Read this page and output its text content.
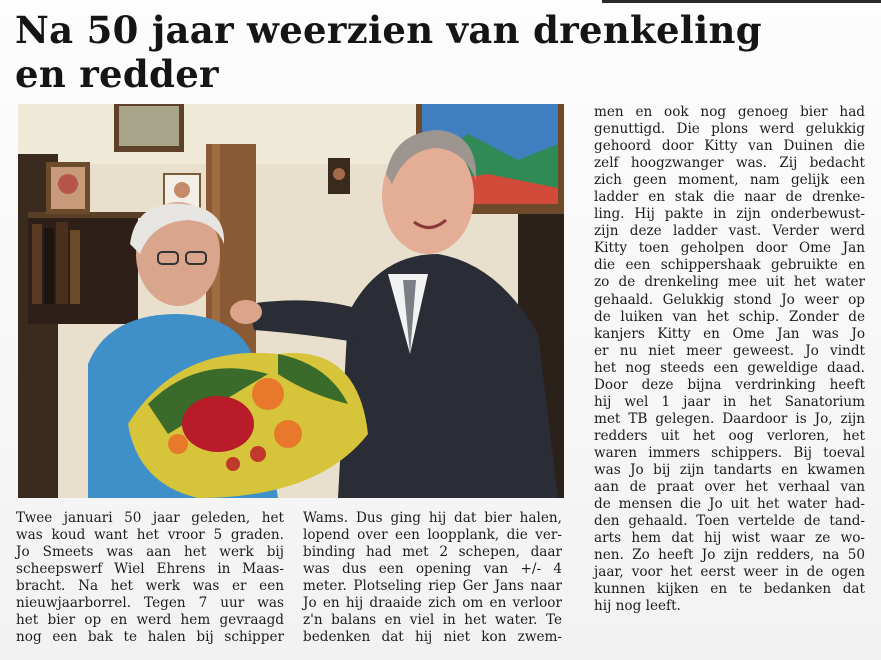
Na 50 jaar weerzien van drenkeling
en redder
Twee januari 50 jaar geleden, het
was koud want het vroor 5 graden.
Jo Smeets was aan het werk bij
scheepswerf Wiel Ehrens in Maas-
bracht. Na het werk was er een
nieuwjaarborrel. Tegen 7 uur was
het bier op en werd hem gevraagd
nog een bak te halen bij schipper
Wams. Dus ging hij dat bier halen,
lopend over een loopplank, die ver-
binding had met 2 schepen, daar
was dus een opening van +/- 4
meter. Plotseling riep Ger Jans naar
Jo en hij draaide zich om en verloor
z'n balans en viel in het water. Te
bedenken dat hij niet kon zwem-
men en ook nog genoeg bier had
genuttigd. Die plons werd gelukkig
gehoord door Kitty van Duinen die
zelf hoogzwanger was. Zij bedacht
zich geen moment, nam gelijk een
ladder en stak die naar de drenke-
ling. Hij pakte in zijn onderbewust-
zijn deze ladder vast. Verder werd
Kitty toen geholpen door Ome Jan
die een schippershaak gebruikte en
zo de drenkeling mee uit het water
gehaald. Gelukkig stond Jo weer op
de luiken van het schip. Zonder de
kanjers Kitty en Ome Jan was Jo
er nu niet meer geweest. Jo vindt
het nog steeds een geweldige daad.
Door deze bijna verdrinking heeft
hij wel 1 jaar in het Sanatorium
met TB gelegen. Daardoor is Jo, zijn
redders uit het oog verloren, het
waren immers schippers. Bij toeval
was Jo bij zijn tandarts en kwamen
aan de praat over het verhaal van
de mensen die Jo uit het water had-
den gehaald. Toen vertelde de tand-
arts hem dat hij wist waar ze wo-
nen. Zo heeft Jo zijn redders, na 50
jaar, voor het eerst weer in de ogen
kunnen kijken en te bedanken dat
hij nog leeft.
